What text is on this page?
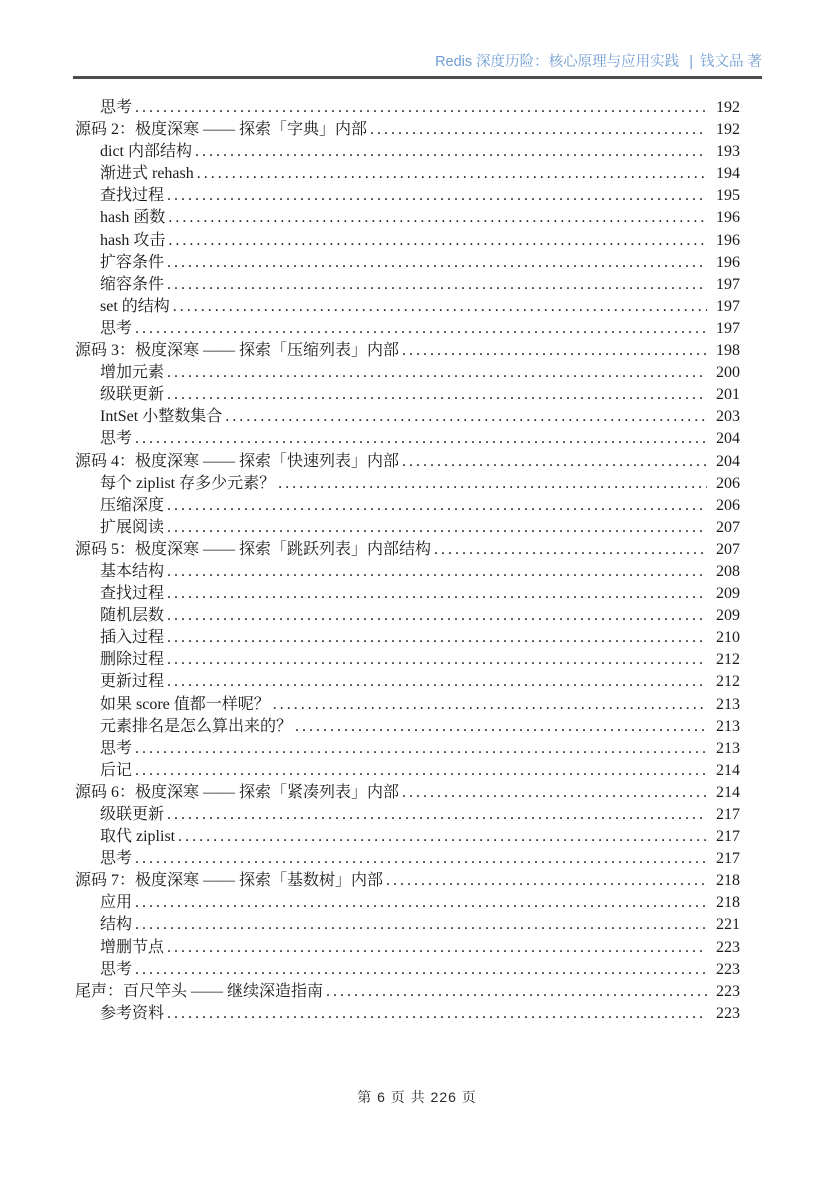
Redis 深度历险：核心原理与应用实践 | 钱文品 著
思考 .....	192
源码 2：极度深寒 —— 探索「字典」内部 .....	192
dict 内部结构 .....	193
渐进式 rehash .....	194
查找过程 .....	195
hash 函数 .....	196
hash 攻击 .....	196
扩容条件 .....	196
缩容条件 .....	197
set 的结构 .....	197
思考 .....	197
源码 3：极度深寒 —— 探索「压缩列表」内部 .....	198
增加元素 .....	200
级联更新 .....	201
IntSet 小整数集合 .....	203
思考 .....	204
源码 4：极度深寒 —— 探索「快速列表」内部 .....	204
每个 ziplist 存多少元素？ .....	206
压缩深度 .....	206
扩展阅读 .....	207
源码 5：极度深寒 —— 探索「跳跃列表」内部结构 .....	207
基本结构 .....	208
查找过程 .....	209
随机层数 .....	209
插入过程 .....	210
删除过程 .....	212
更新过程 .....	212
如果 score 值都一样呢？ .....	213
元素排名是怎么算出来的？ .....	213
思考 .....	213
后记 .....	214
源码 6：极度深寒 —— 探索「紧凑列表」内部 .....	214
级联更新 .....	217
取代 ziplist .....	217
思考 .....	217
源码 7：极度深寒 —— 探索「基数树」内部 .....	218
应用 .....	218
结构 .....	221
增删节点 .....	223
思考 .....	223
尾声：百尺竿头 —— 继续深造指南 .....	223
参考资料 .....	223
第 6 页 共 226 页
